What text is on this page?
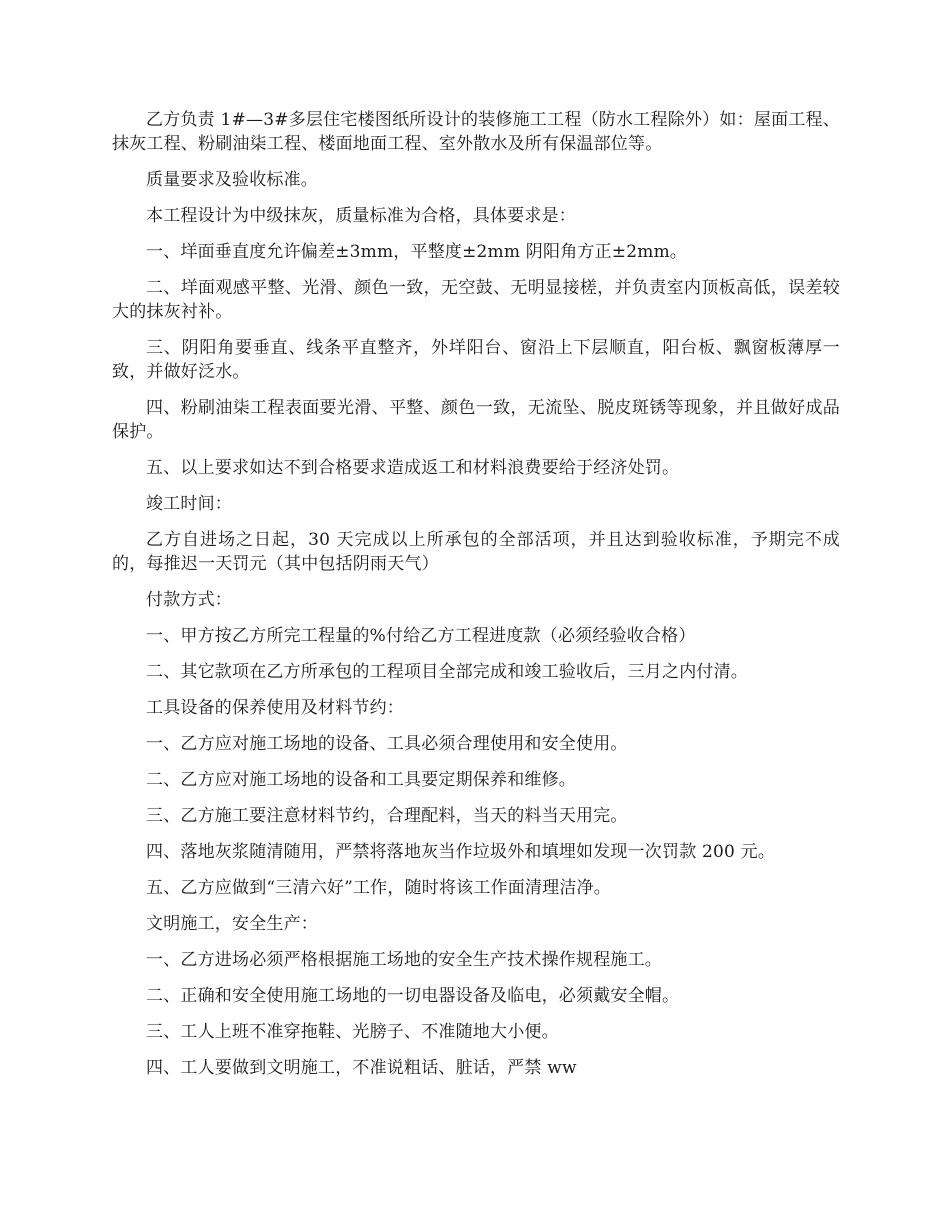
乙方负责 1#—3#多层住宅楼图纸所设计的装修施工工程（防水工程除外）如：屋面工程、抹灰工程、粉刷油柒工程、楼面地面工程、室外散水及所有保温部位等。

质量要求及验收标准。

本工程设计为中级抹灰，质量标准为合格，具体要求是：

一、垟面垂直度允许偏差±3mm，平整度±2mm 阴阳角方正±2mm。

二、垟面观感平整、光滑、颜色一致，无空鼓、无明显接槎，并负责室内顶板高低，误差较大的抹灰衬补。

三、阴阳角要垂直、线条平直整齐，外垟阳台、窗沿上下层顺直，阳台板、飘窗板薄厚一致，并做好泛水。

四、粉刷油柒工程表面要光滑、平整、颜色一致，无流坠、脱皮斑锈等现象，并且做好成品保护。

五、以上要求如达不到合格要求造成返工和材料浪费要给于经济处罚。

竣工时间：

乙方自进场之日起，30 天完成以上所承包的全部活项，并且达到验收标准，予期完不成的，每推迟一天罚元（其中包括阴雨天气）

付款方式：

一、甲方按乙方所完工程量的%付给乙方工程进度款（必须经验收合格）

二、其它款项在乙方所承包的工程项目全部完成和竣工验收后，三月之内付清。

工具设备的保养使用及材料节约：

一、乙方应对施工场地的设备、工具必须合理使用和安全使用。

二、乙方应对施工场地的设备和工具要定期保养和维修。

三、乙方施工要注意材料节约，合理配料，当天的料当天用完。

四、落地灰浆随清随用，严禁将落地灰当作垃圾外和填埋如发现一次罚款 200 元。

五、乙方应做到“三清六好”工作，随时将该工作面清理洁净。

文明施工，安全生产：

一、乙方进场必须严格根据施工场地的安全生产技术操作规程施工。

二、正确和安全使用施工场地的一切电器设备及临电，必须戴安全帽。

三、工人上班不准穿拖鞋、光膀子、不准随地大小便。

四、工人要做到文明施工，不准说粗话、脏话，严禁 ww
